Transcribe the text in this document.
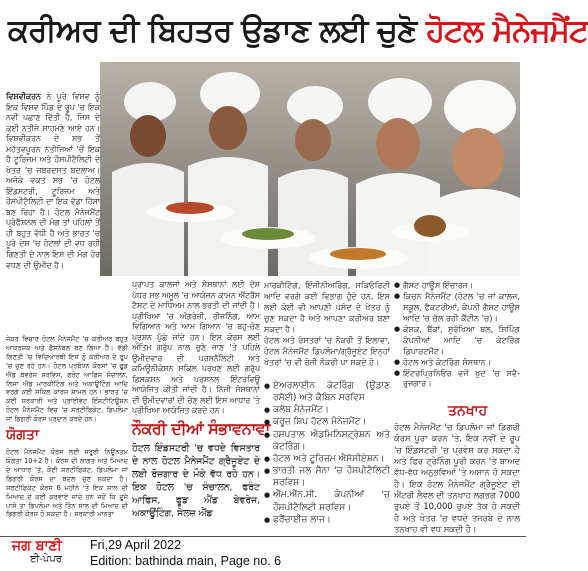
ਕਰੀਅਰ ਦੀ ਬਿਹਤਰ ਉਡਾਣ ਲਈ ਚੁਣੋ ਹੋਟਲ ਮੈਨੇਜਮੈਂਟ

ਵਿਸ਼ਵੀਕਰਨ ਨੇ ਪੂਰੇ ਵਿਸ਼ਵ ਨੂੰ ਇਕ ਵਿਸ਼ਵ ਪਿੰਡ ਦੇ ਰੂਪ 'ਚ ਇਕ ਨਵੀਂ ਪਛਾਣ ਦਿੱਤੀ ਹੈ, ਜਿਸ ਦੇ ਕਈ ਨਤੀਜੇ ਸਾਹਮਣੇ ਆਏ ਹਨ। ਵਿਸ਼ਵੀਕਰਨ ਦੇ ਸਭ ਤੋਂ ਮਹੱਤਵਪੂਰਨ ਨਤੀਜਿਆਂ 'ਚੋਂ ਇਕ ਹੈ ਟੂਰਿਜ਼ਮ ਅਤੇ ਹੌਸਪੀਟੈਲਿਟੀ ਦੇ ਖੇਤਰ 'ਚ ਜ਼ਬਰਦਸਤ ਬਦਲਾਅ। ਅਜੋਕੇ ਵਕਤ ਸਭ 'ਚ ਹੋਟਲ ਇੰਡਸਟਰੀ, ਟੂਰਿਜ਼ਮ ਅਤੇ ਹੌਸਪੀਟੈਲਿਟੀ ਦਾ ਇਕ ਵੱਡਾ ਹਿੱਸਾ ਬਣ ਰਿਹਾ ਹੈ। ਹੋਟਲ ਮੈਨੇਜਮੈਂਟ ਪ੍ਰੋਫੈਸ਼ਨਲ ਦੀ ਮੰਗ ਤਾਂ ਪਹਿਲਾਂ ਤੋਂ ਹੀ ਬਹੁਤ ਵੱਧੀ ਹੈ ਅਤੇ ਭਾਰਤ 'ਚ ਪੂਰੇ ਦੇਸ਼ 'ਚ ਹੋਟਲਾਂ ਦੀ ਵਧ ਰਹੀ ਗਿਣਤੀ ਦੇ ਨਾਲ ਇਸ ਦੀ ਮੰਗ ਹੋਰ ਵਧਣ ਦੀ ਉਮੀਦ ਹੈ।

ਪ੍ਰਾਪਤ ਕਾਲਜਾਂ ਅਤੇ ਸੰਸਥਾਨਾਂ ਲਈ ਦੇਸ਼ ਪੱਧਰ ਸਭ ਅਮੂਲ 'ਚ ਆਯੋਜਨ ਕਾਮਨ ਐਂਟਰੈਂਸ ਟੈਸਟ ਦੇ ਮਾਧਿਅਮ ਨਾਲ ਭਰਤੀ ਦੀ ਜਾਂਦੀ ਹੈ। ਪ੍ਰੀਖਿਆ 'ਚ ਅੰਗਰੇਜ਼ੀ, ਰੀਜ਼ਨਿੰਗ, ਆਮ ਵਿਗਿਆਨ ਅਤੇ ਆਮ ਗਿਆਨ 'ਚ ਬਹੁ-ਚੋਣ ਪ੍ਰਸ਼ਨ ਪੁੱਛੇ ਜਾਂਦੇ ਹਨ। ਇਸ ਕੋਰਸ ਲਈ ਅੰਤਿਮ ਗਰੁੱਪ ਨਾਲ ਚੁਣੇ ਜਾਣ 'ਤੇ ਪਹਿਲੇ ਉਮੀਦਵਾਰ ਦੀ ਪਰਸਨੈਲਿਟੀ ਅਤੇ ਕਮਿਊਨੀਕੇਸ਼ਨ ਸਕਿਲ ਪਰਖਣ ਲਈ ਗਰੁੱਪ ਡਿਸਕਸ਼ਨ ਅਤੇ ਪਰਸਨਲ ਇੰਟਰਵਿਊ ਆਯੋਜਿਤ ਕੀਤੀ ਜਾਂਦੀ ਹੈ। ਨਿੱਜੀ ਸੰਸਥਾਨਾਂ ਦੀ ਉਮੀਦਵਾਰਾਂ ਦੀ ਚੋਣ ਲਈ ਇਸ ਆਧਾਰ 'ਤੇ ਪ੍ਰੀਖਿਆ ਆਯੋਜਿਤ ਕਰਦੇ ਹਨ।

ਮਾਰਕੀਟਿੰਗ, ਇੰਜੀਨੀਅਰਿੰਗ, ਸਕਿਓਰਿਟੀ ਆਦਿ ਵਰਗੇ ਕਈ ਵਿਭਾਗ ਹੁੰਦੇ ਹਨ, ਇਸ ਲਈ ਕੋਈ ਵੀ ਆਪਣੀ ਪਸੰਦ ਦੇ ਖੇਤਰ ਨੂੰ ਚੁਣ ਸਕਦਾ ਹੈ ਅਤੇ ਆਪਣਾ ਕਰੀਅਰ ਬਣਾ ਸਕਦਾ ਹੈ।

ਹੋਟਲ ਅਤੇ ਰੇਸਤਰਾਂ 'ਚ ਨੌਕਰੀ ਤੋਂ ਇਲਾਵਾ, ਹੋਟਲ ਮੈਨੇਜਮੈਂਟ ਡਿਪਲੋਮਾ/ਗ੍ਰੈਜੂਏਟ ਇਨ੍ਹਾਂ ਖੇਤਰਾਂ 'ਚ ਵੀ ਰੋਜ਼ੀ ਨੌਕਰੀ ਪਾ ਸਕਦੇ ਹੋ।

● ਗੈਸਟ ਹਾਊਸ ਇੰਚਾਰਜ।
● ਕਿਚਨ ਮੈਨੇਜਮੈਂਟ (ਹੋਟਲ 'ਚ ਜਾਂ ਕਾਲਜ, ਸਕੂਲ, ਫੈਕਟਰੀਆਂ, ਕੰਪਨੀ ਗੈਸਟ ਹਾਊਸ ਆਦਿ 'ਚ ਚੱਲ ਰਹੀ ਕੈਂਟੀਨ 'ਚ)।
● ਕੋਸ਼ਕ, ਬੈਂਕਾਂ, ਸੁਰੱਖਿਆ ਬਲ, ਸ਼ਿਪਿੰਗ ਕੰਪਨੀਆਂ ਆਦਿ 'ਚ ਕੇਟਰਿੰਗ ਡਿਪਾਰਟਮੈਂਟ।
● ਹੋਟਲ ਅਤੇ ਕੇਟਰਿੰਗ ਸੰਸਥਾਨ।
● ਇੰਟਰਪ੍ਰਿਨਿਓਰ ਵਜੋਂ ਖੁਦ 'ਚ ਸਵੈ-ਰੁਜ਼ਗਾਰ।

ਜੇਕਰ ਵਿਚਾਰ ਹੋਟਲ ਮੈਨੇਜਮੈਂਟ 'ਚ ਕਰੀਅਰ ਬਹੁਤ ਆਕਰਸ਼ਕ ਅਤੇ ਫੈਸ਼ਨੇਬਲ ਬਣ ਗਿਆ ਹੈ। ਵੱਡੀ ਗਿਣਤੀ 'ਚ ਵਿਦਿਆਰਥੀ ਇਸ ਨੂੰ ਕਰੀਅਰ ਦੇ ਰੂਪ 'ਚ ਚੁਣ ਰਹੇ ਹਨ। ਹੋਟਲ ਪ੍ਰਬੰਧਨ ਕੋਰਸਾਂ 'ਚ ਫੂਡ ਐਂਡ ਬੇਵਰੇਜ ਸਰਵਿਸ, ਫਰੰਟ ਆਫਿਸ ਸੰਚਾਲਨ, ਲਿਜਾ ਐਂਡ ਮਾਰਕੀਟਿੰਗ ਅਤੇ ਅਕਾਊਂਟਿੰਗ ਆਦਿ ਵਰਗੇ ਕਈ ਸਕਿਲ ਕਾਰਜ ਸ਼ਾਮਲ ਹਨ। ਭਾਰਤ 'ਚ ਕਈ ਸਰਕਾਰੀ ਅਤੇ ਪ੍ਰਾਈਵੇਟ ਇੰਸਟੀਟਿਊਸ਼ਨ ਹੋਟਲ ਮੈਨੇਜਮੈਂਟ ਵਿਚ 'ਚ ਸਰਟੀਫਿਕੇਟ, ਡਿਪਲੋਮਾ ਜਾਂ ਡਿਗਰੀ ਕੋਰਸ ਪ੍ਰਦਾਨ ਕਰਦੇ ਹਨ।

ਯੋਗਤਾ

ਹੋਟਲ ਮੈਨੇਜਮੈਂਟ ਕੋਰਸ ਲਈ ਜ਼ਰੂਰੀ ਨਿਊਨਤਮ ਯੋਗਤਾ 10+2 ਹੈ। ਕੋਰਸ ਦੀ ਲਾਗਤ ਅਤੇ ਮਿਆਦ ਦੇ ਆਧਾਰ 'ਤੇ, ਕੋਈ ਸਰਟੀਫਿਕੇਟ, ਡਿਪਲੋਮਾ ਜਾਂ ਡਿਗਰੀ ਕੋਰਸ ਦਾ ਬਦਲ ਚੁਣ ਸਕਦਾ ਹੈ। ਸਰਟੀਫਿਕੇਟ ਕੋਰਸ 6 ਮਹੀਨੇ 'ਤੇ ਇਕ ਸਾਲ ਦੀ ਮਿਆਦ ਦੇ ਕਈ ਕਰਵਾਏ ਜਾਂਦੇ ਹਨ ਜਦੋਂ ਕਿ ਦੂਜੇ ਪਾਸੇ ਤਾ ਡਿਪਲੋਮਾ ਅਤੇ ਤਿੰਨ ਸਾਲ ਦੀ ਮਿਆਦ ਦੀ ਡਿਗਰੀ ਕੋਰਸ ਹੋ ਸਕਦਾ ਹੈ। ਸਰਕਾਰੀ ਮਾਨਤਾ

ਨੌਕਰੀ ਦੀਆਂ ਸੰਭਾਵਨਾਵਾਂ

ਹੋਟਲ ਇੰਡਸਟਰੀ 'ਚ ਵਧਦੇ ਵਿਸਤਾਰ ਦੇ ਨਾਲ ਹੋਟਲ ਮੈਨੇਜਮੈਂਟ ਗ੍ਰੈਜੂਏਟ ਦੇ ਲਈ ਰੋਜ਼ਗਾਰ ਦੇ ਮੌਕੇ ਵੱਧ ਰਹੇ ਹਨ। ਇਕ ਹੋਟਲ 'ਚ ਸੰਚਾਲਨ, ਫਰੰਟ ਆਫਿਸ, ਫੂਡ ਐਂਡ ਬੇਵਰੇਜ, ਅਕਾਊਂਟਿੰਗ, ਸੇਲਜ਼ ਐਂਡ

● ਏਅਰਲਾਈਨ ਕੇਟਰਿੰਗ (ਉਡਾਣ ਰਸੋਈ) ਅਤੇ ਕੈਬਿਨ ਸਰਵਿਸ
● ਕਲੱਬ ਮੈਨੇਜਮੈਂਟ।
● ਕਰੂਜ਼ ਸ਼ਿਪ ਹੋਟਲ ਮੈਨੇਜਮੈਂਟ।
● ਹਸਪਤਾਲ ਐਡਮਿਨਿਸਟ੍ਰੇਸ਼ਨ ਅਤੇ ਕੇਟਰਿੰਗ।
● ਹੋਟਲ ਅਤੇ ਟੂਰਿਜ਼ਮ ਐਸੋਸੀਏਸ਼ਨ।
● ਭਾਰਤੀ ਜਲ ਸੈਨਾ 'ਚ ਹੌਸਪੀਟੈਲਿਟੀ ਸਰਵਿਸ।
● ਐੱਮ.ਐੱਨ.ਸੀ. ਕੰਪਨੀਆਂ 'ਚ ਹੌਸਪੀਟੈਲਿਟੀ ਸਰਵਿਸ।
● ਫਰੈਂਚਾਈਜ਼ ਲਾਜ।
ਤਨਖਾਹ

ਹੋਟਲ ਮੈਨੇਜਮੈਂਟ 'ਚ ਡਿਪਲੋਮਾ ਜਾਂ ਡਿਗਰੀ ਕੋਰਸ ਪੂਰਾ ਕਰਨ 'ਤੇ, ਇਕ ਨਵੀਂ ਦੇ ਰੂਪ 'ਚ ਇੰਡਸਟਰੀ 'ਚ ਪ੍ਰਵੇਸ਼ ਕਰ ਸਕਦਾ ਹੈ ਅਤੇ ਫਿਰ ਟ੍ਰੇਨਿੰਗ ਪੂਰੀ ਕਰਨ 'ਤੇ ਬਾਅਦ ਵੱਧ-ਵੱਧ ਅਨੁਭਵਿਆਂ 'ਤੇ ਅਸਾਨ ਹੋ ਸਕਦਾ ਹੈ। ਇਕ ਹੋਟਲ ਮੈਨੇਜਮੈਂਟ ਗ੍ਰੈਜੂਏਟ ਦੀ ਐਂਟਰੀ ਲੈਵਲ ਦੀ ਤਨਖਾਹ ਲਗਭਗ 7000 ਰੁਪਏ ਤੋਂ 10,000 ਰੁਪਏ ਤੱਕ ਹੋ ਸਕਦੀ ਹੈ ਅਤੇ ਖੇਤਰ 'ਚ ਵਧਦੇ ਤਜਰਬੇ ਦੇ ਨਾਲ ਤਨਖਾਹ ਵੀ ਵਧ ਸਕਦੀ ਹੈ।

ਜਗ ਬਾਣੀ
ਈ-ਪੇਪਰ
Fri,29 April 2022
Edition: bathinda main, Page no. 6
